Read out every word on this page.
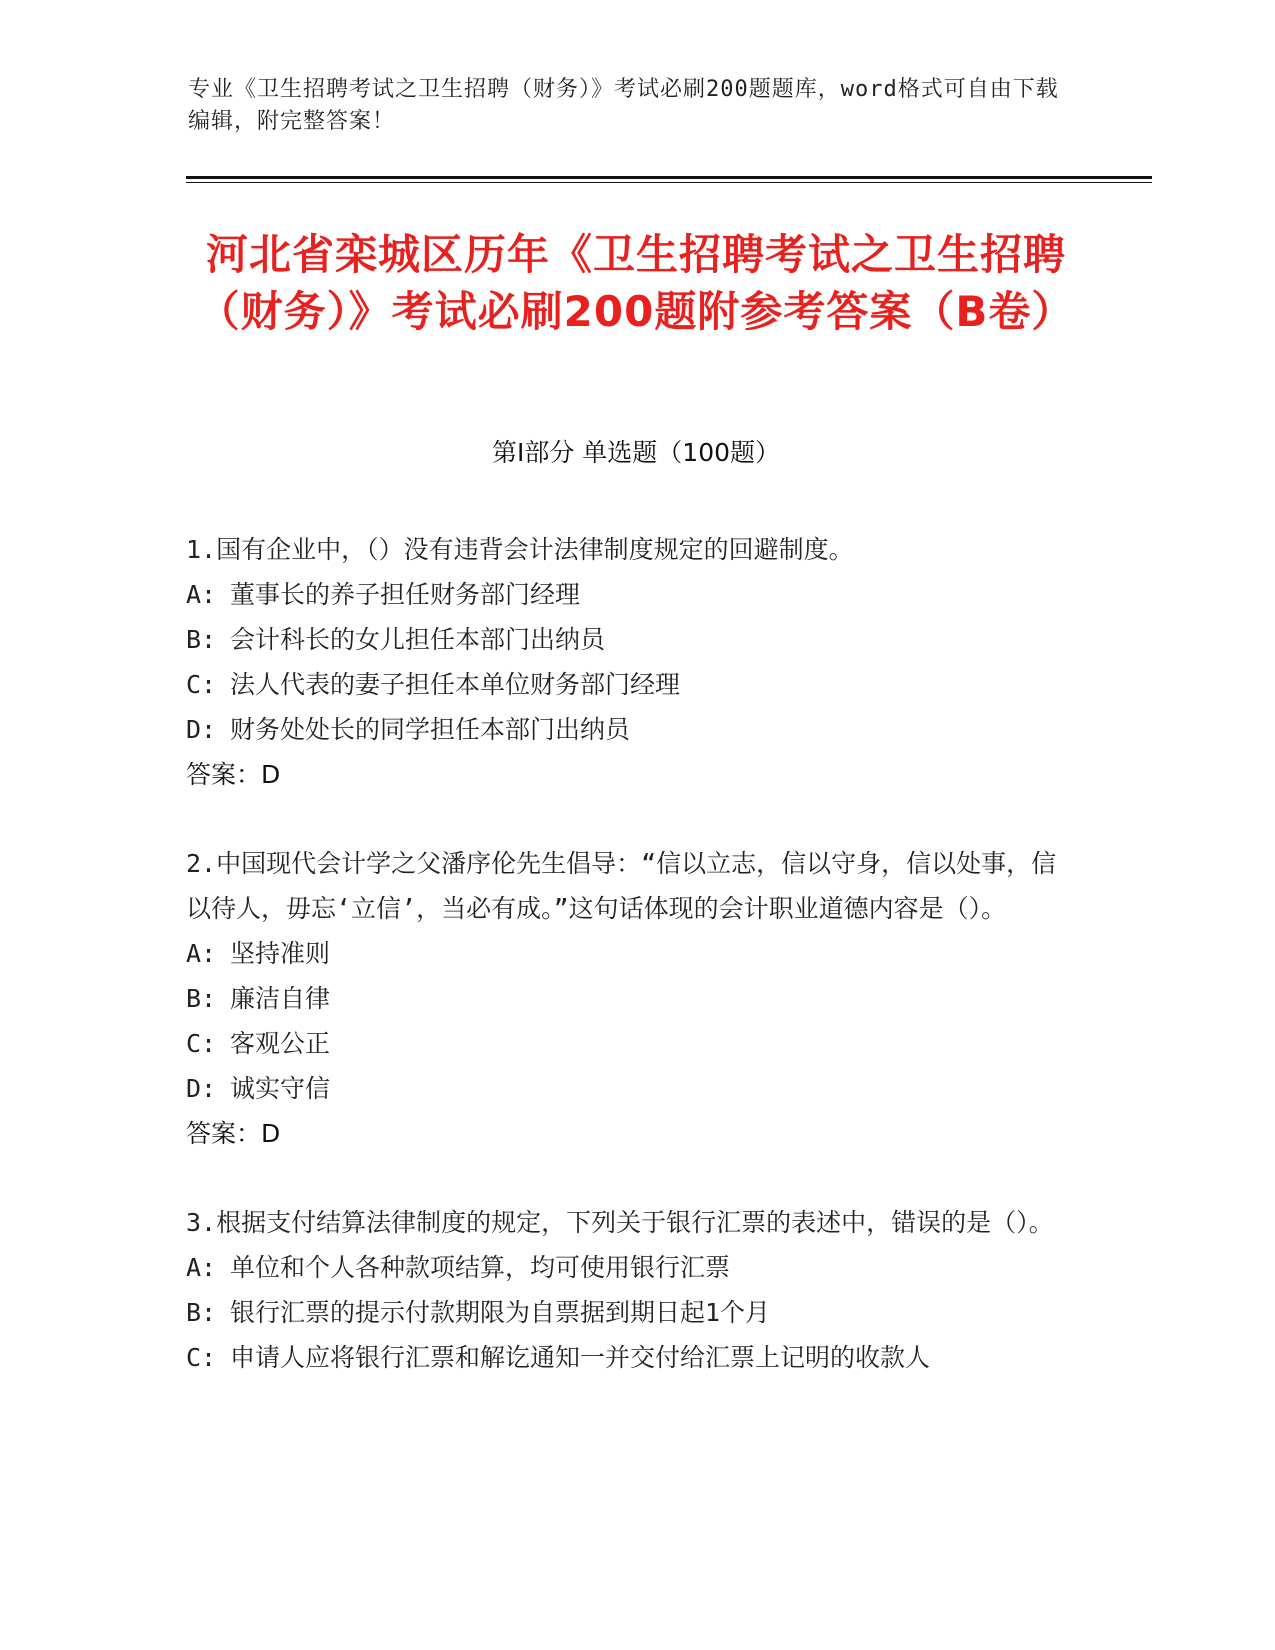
专业《卫生招聘考试之卫生招聘（财务）》考试必刷200题题库，word格式可自由下载编辑，附完整答案！
河北省栾城区历年《卫生招聘考试之卫生招聘（财务）》考试必刷200题附参考答案（B卷）
第I部分 单选题（100题）

1.国有企业中，（）没有违背会计法律制度规定的回避制度。

A: 董事长的养子担任财务部门经理

B: 会计科长的女儿担任本部门出纳员

C: 法人代表的妻子担任本单位财务部门经理

D: 财务处处长的同学担任本部门出纳员

答案：D

2.中国现代会计学之父潘序伦先生倡导：“信以立志，信以守身，信以处事，信以待人，毋忘‘立信’，当必有成。”这句话体现的会计职业道德内容是（）。

A: 坚持准则

B: 廉洁自律

C: 客观公正

D: 诚实守信

答案：D

3.根据支付结算法律制度的规定，下列关于银行汇票的表述中，错误的是（）。

A: 单位和个人各种款项结算，均可使用银行汇票

B: 银行汇票的提示付款期限为自票据到期日起1个月

C: 申请人应将银行汇票和解讫通知一并交付给汇票上记明的收款人
